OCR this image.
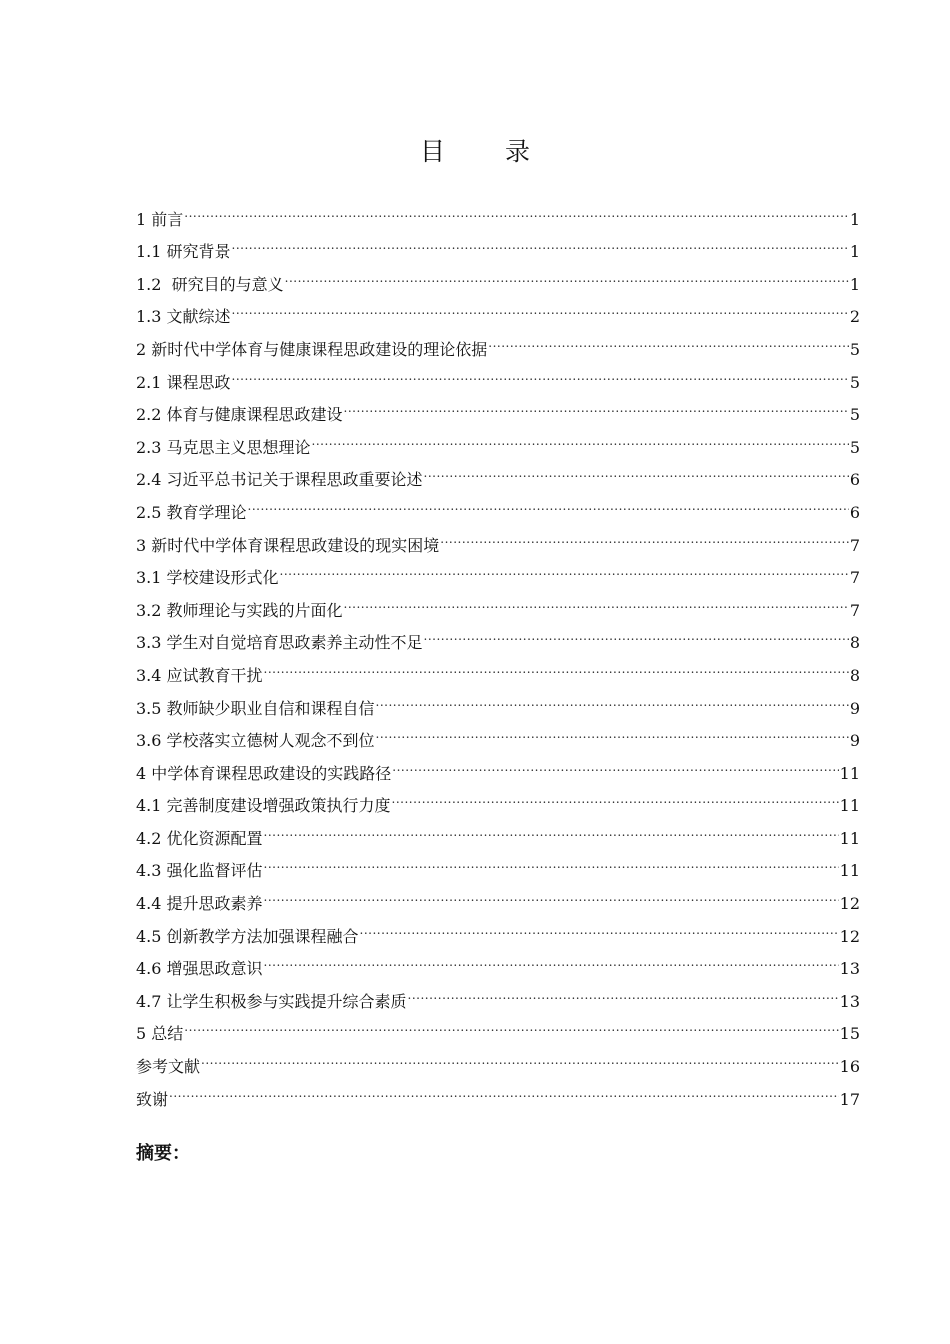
目 录
1 前言 .....	1
1.1 研究背景 .....	1
1.2  研究目的与意义 .....	1
1.3 文献综述 .....	2
2 新时代中学体育与健康课程思政建设的理论依据 .....	5
2.1 课程思政 .....	5
2.2 体育与健康课程思政建设 .....	5
2.3 马克思主义思想理论 .....	5
2.4 习近平总书记关于课程思政重要论述 .....	6
2.5 教育学理论 .....	6
3 新时代中学体育课程思政建设的现实困境 .....	7
3.1 学校建设形式化 .....	7
3.2 教师理论与实践的片面化 .....	7
3.3 学生对自觉培育思政素养主动性不足 .....	8
3.4 应试教育干扰 .....	8
3.5 教师缺少职业自信和课程自信 .....	9
3.6 学校落实立德树人观念不到位 .....	9
4 中学体育课程思政建设的实践路径 .....	11
4.1 完善制度建设增强政策执行力度 .....	11
4.2 优化资源配置 .....	11
4.3 强化监督评估 .....	11
4.4 提升思政素养 .....	12
4.5 创新教学方法加强课程融合 .....	12
4.6 增强思政意识 .....	13
4.7 让学生积极参与实践提升综合素质 .....	13
5 总结 .....	15
参考文献 .....	16
致谢 .....	17
摘要：
